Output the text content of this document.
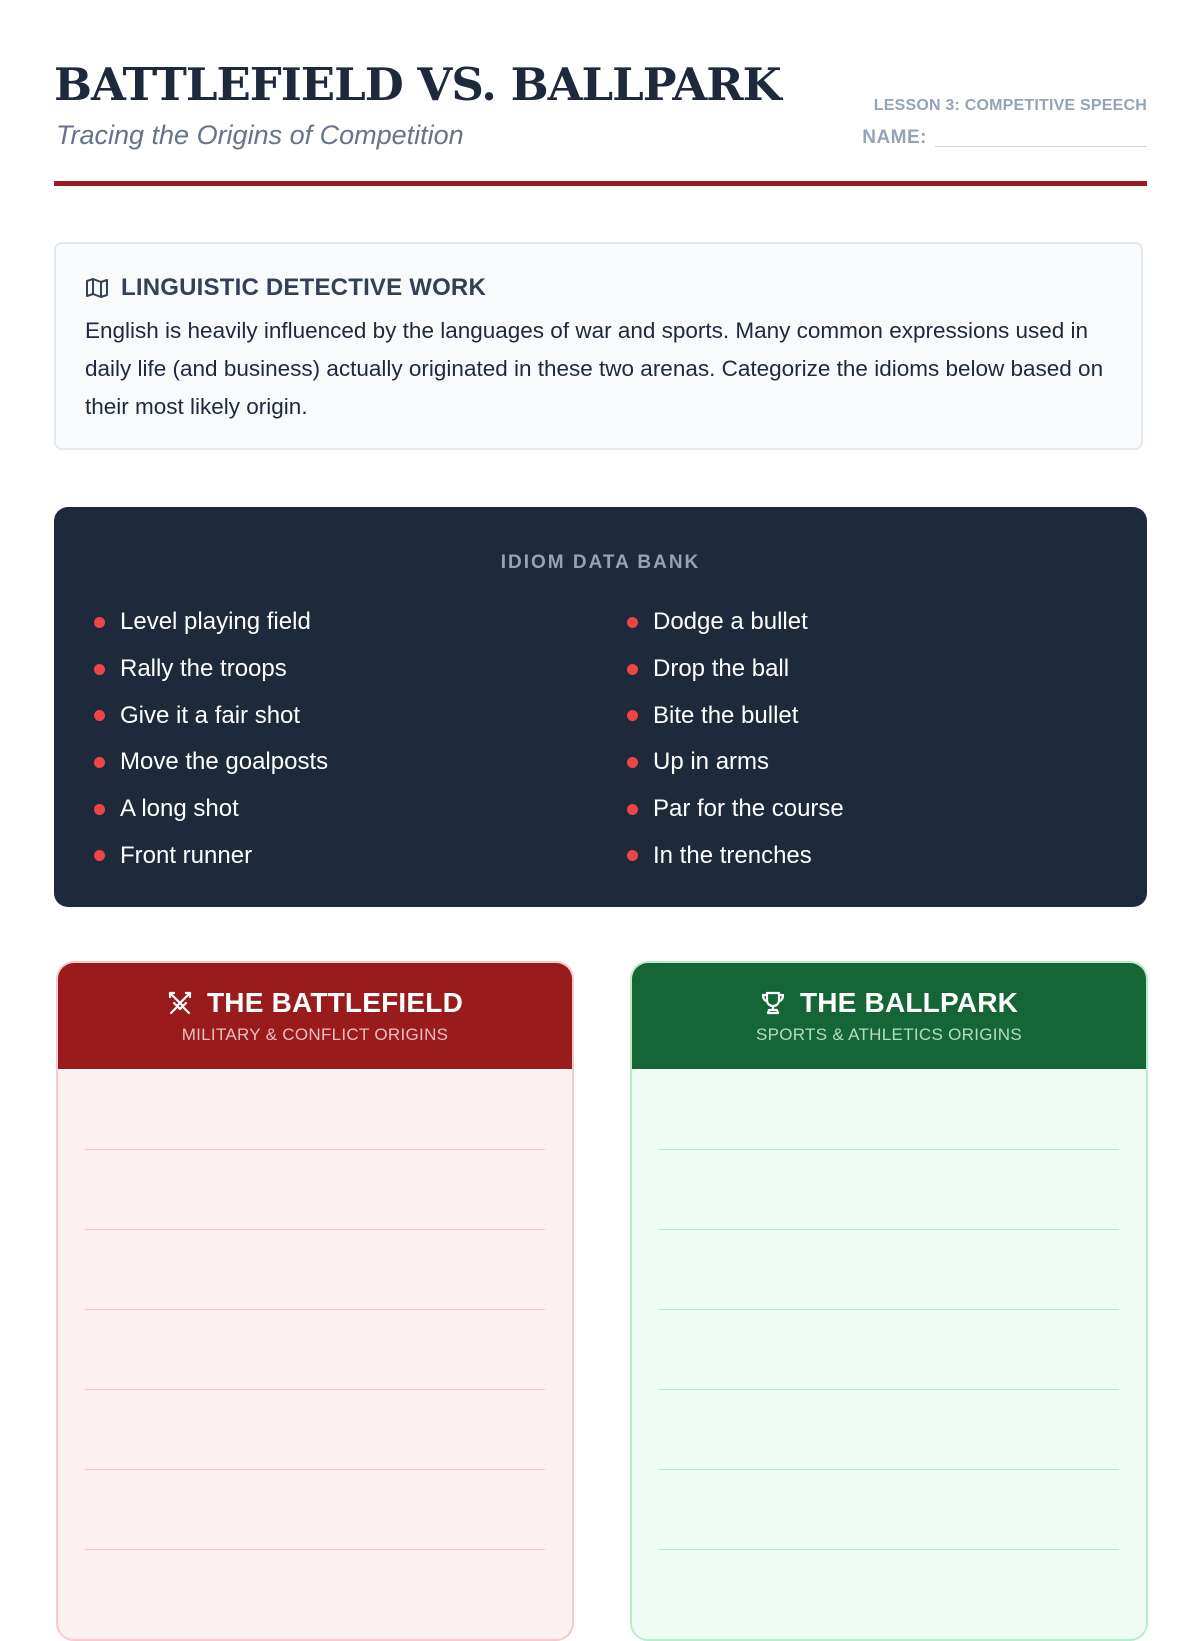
BATTLEFIELD VS. BALLPARK
Tracing the Origins of Competition
LESSON 3: COMPETITIVE SPEECH
NAME:
LINGUISTIC DETECTIVE WORK
English is heavily influenced by the languages of war and sports. Many common expressions used in daily life (and business) actually originated in these two arenas. Categorize the idioms below based on their most likely origin.
IDIOM DATA BANK
Level playing field
Rally the troops
Give it a fair shot
Move the goalposts
A long shot
Front runner
Dodge a bullet
Drop the ball
Bite the bullet
Up in arms
Par for the course
In the trenches
THE BATTLEFIELD
MILITARY & CONFLICT ORIGINS
THE BALLPARK
SPORTS & ATHLETICS ORIGINS
